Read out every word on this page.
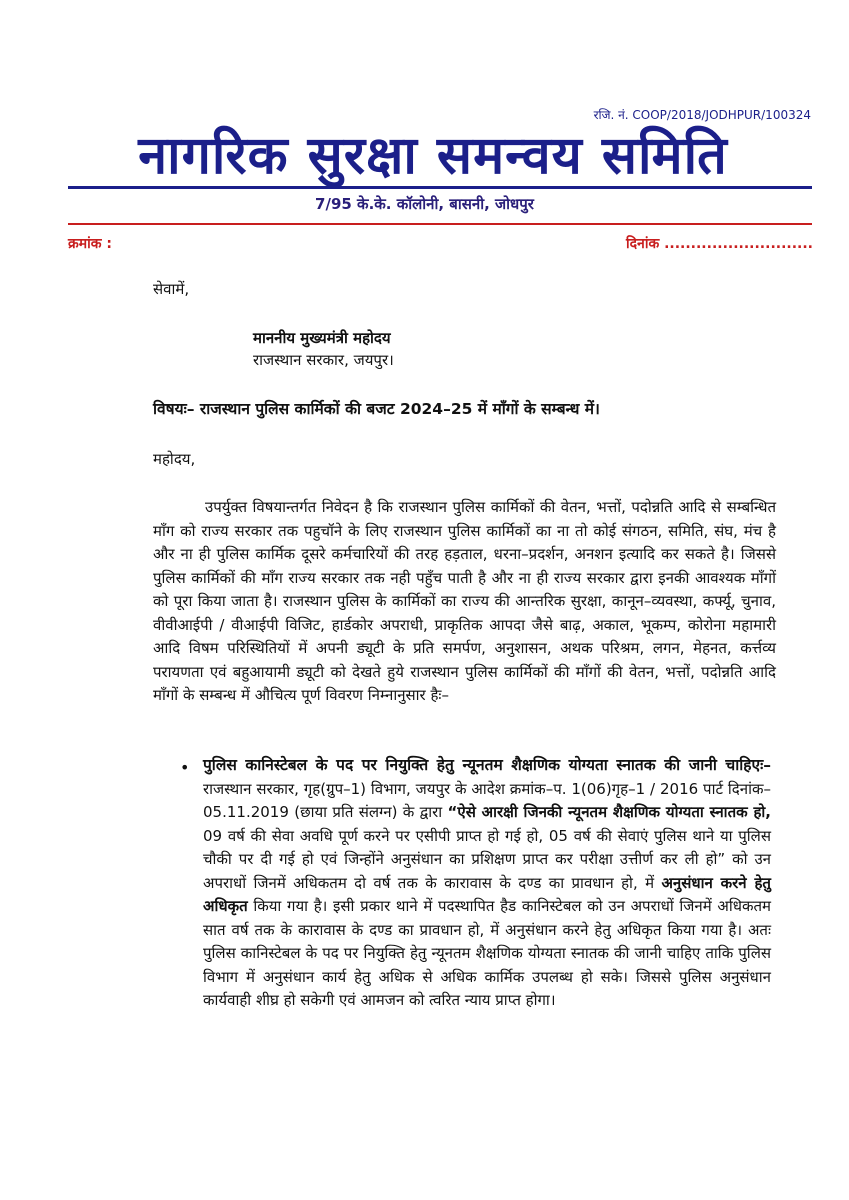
रजि. नं. COOP/2018/JODHPUR/100324
नागरिक सुरक्षा समन्वय समिति
7/95 के.के. कॉलोनी, बासनी, जोधपुर
क्रमांक :	दिनांक ............................
सेवामें,
माननीय मुख्यमंत्री महोदय
राजस्थान सरकार, जयपुर।
विषयः– राजस्थान पुलिस कार्मिकों की बजट 2024–25 में माँगों के सम्बन्ध में।
महोदय,
उपर्युक्त विषयान्तर्गत निवेदन है कि राजस्थान पुलिस कार्मिकों की वेतन, भत्तों, पदोन्नति आदि से सम्बन्धित माँग को राज्य सरकार तक पहुचॉने के लिए राजस्थान पुलिस कार्मिकों का ना तो कोई संगठन, समिति, संघ, मंच है और ना ही पुलिस कार्मिक दूसरे कर्मचारियों की तरह हड़ताल, धरना–प्रदर्शन, अनशन इत्यादि कर सकते है। जिससे पुलिस कार्मिकों की माँग राज्य सरकार तक नही पहुँच पाती है और ना ही राज्य सरकार द्वारा इनकी आवश्यक माँगों को पूरा किया जाता है। राजस्थान पुलिस के कार्मिकों का राज्य की आन्तरिक सुरक्षा, कानून–व्यवस्था, कर्फ्यू, चुनाव, वीवीआईपी / वीआईपी विजिट, हार्डकोर अपराधी, प्राकृतिक आपदा जैसे बाढ़, अकाल, भूकम्प, कोरोना महामारी आदि विषम परिस्थितियों में अपनी ड्यूटी के प्रति समर्पण, अनुशासन, अथक परिश्रम, लगन, मेहनत, कर्त्तव्य परायणता एवं बहुआयामी ड्यूटी को देखते हुये राजस्थान पुलिस कार्मिकों की माँगों की वेतन, भत्तों, पदोन्नति आदि माँगों के सम्बन्ध में औचित्य पूर्ण विवरण निम्नानुसार हैः–
• पुलिस कानिस्टेबल के पद पर नियुक्ति हेतु न्यूनतम शैक्षणिक योग्यता स्नातक की जानी चाहिएः– राजस्थान सरकार, गृह(ग्रुप–1) विभाग, जयपुर के आदेश क्रमांक–प. 1(06)गृह–1 / 2016 पार्ट दिनांक–05.11.2019 (छाया प्रति संलग्न) के द्वारा “ऐसे आरक्षी जिनकी न्यूनतम शैक्षणिक योग्यता स्नातक हो, 09 वर्ष की सेवा अवधि पूर्ण करने पर एसीपी प्राप्त हो गई हो, 05 वर्ष की सेवाएं पुलिस थाने या पुलिस चौकी पर दी गई हो एवं जिन्होंने अनुसंधान का प्रशिक्षण प्राप्त कर परीक्षा उत्तीर्ण कर ली हो” को उन अपराधों जिनमें अधिकतम दो वर्ष तक के कारावास के दण्ड का प्रावधान हो, में अनुसंधान करने हेतु अधिकृत किया गया है। इसी प्रकार थाने में पदस्थापित हैड कानिस्टेबल को उन अपराधों जिनमें अधिकतम सात वर्ष तक के कारावास के दण्ड का प्रावधान हो, में अनुसंधान करने हेतु अधिकृत किया गया है। अतः पुलिस कानिस्टेबल के पद पर नियुक्ति हेतु न्यूनतम शैक्षणिक योग्यता स्नातक की जानी चाहिए ताकि पुलिस विभाग में अनुसंधान कार्य हेतु अधिक से अधिक कार्मिक उपलब्ध हो सके। जिससे पुलिस अनुसंधान कार्यवाही शीघ्र हो सकेगी एवं आमजन को त्वरित न्याय प्राप्त होगा।
